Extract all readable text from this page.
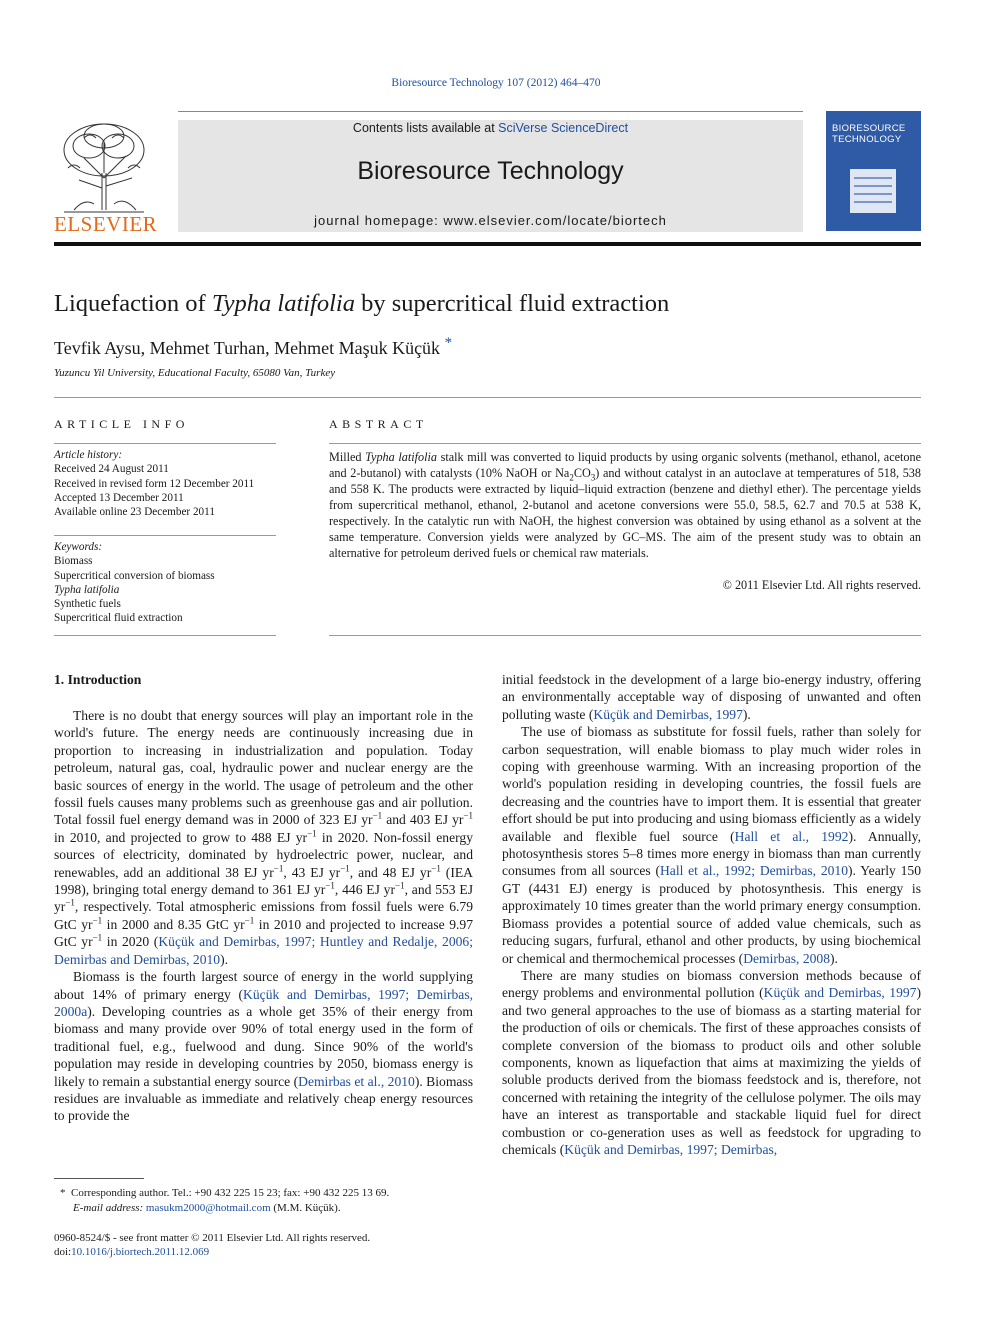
Bioresource Technology 107 (2012) 464–470
ELSEVIER
Contents lists available at SciVerse ScienceDirect
Bioresource Technology
journal homepage: www.elsevier.com/locate/biortech
BIORESOURCE TECHNOLOGY
Liquefaction of Typha latifolia by supercritical fluid extraction
Tevfik Aysu, Mehmet Turhan, Mehmet Maşuk Küçük *
Yuzuncu Yil University, Educational Faculty, 65080 Van, Turkey
ARTICLE INFO
Article history:
Received 24 August 2011
Received in revised form 12 December 2011
Accepted 13 December 2011
Available online 23 December 2011
Keywords:
Biomass
Supercritical conversion of biomass
Typha latifolia
Synthetic fuels
Supercritical fluid extraction
ABSTRACT
Milled Typha latifolia stalk mill was converted to liquid products by using organic solvents (methanol, ethanol, acetone and 2-butanol) with catalysts (10% NaOH or $Na_2CO_3$) and without catalyst in an autoclave at temperatures of 518, 538 and 558 K. The products were extracted by liquid–liquid extraction (benzene and diethyl ether). The percentage yields from supercritical methanol, ethanol, 2-butanol and acetone conversions were 55.0, 58.5, 62.7 and 70.5 at 538 K, respectively. In the catalytic run with NaOH, the highest conversion was obtained by using ethanol as a solvent at the same temperature. Conversion yields were analyzed by GC–MS. The aim of the present study was to obtain an alternative for petroleum derived fuels or chemical raw materials.
© 2011 Elsevier Ltd. All rights reserved.
1. Introduction

There is no doubt that energy sources will play an important role in the world's future. The energy needs are continuously increasing due in proportion to increasing in industrialization and population. Today petroleum, natural gas, coal, hydraulic power and nuclear energy are the basic sources of energy in the world. The usage of petroleum and the other fossil fuels causes many problems such as greenhouse gas and air pollution. Total fossil fuel energy demand was in 2000 of 323 EJ $yr^{-1}$ and 403 EJ $yr^{-1}$ in 2010, and projected to grow to 488 EJ $yr^{-1}$ in 2020. Non-fossil energy sources of electricity, dominated by hydroelectric power, nuclear, and renewables, add an additional 38 EJ $yr^{-1}$, 43 EJ $yr^{-1}$, and 48 EJ $yr^{-1}$ (IEA 1998), bringing total energy demand to 361 EJ $yr^{-1}$, 446 EJ $yr^{-1}$, and 553 EJ $yr^{-1}$, respectively. Total atmospheric emissions from fossil fuels were 6.79 GtC $yr^{-1}$ in 2000 and 8.35 GtC $yr^{-1}$ in 2010 and projected to increase 9.97 GtC $yr^{-1}$ in 2020 (Küçük and Demirbas, 1997; Huntley and Redalje, 2006; Demirbas and Demirbas, 2010).

Biomass is the fourth largest source of energy in the world supplying about 14% of primary energy (Küçük and Demirbas, 1997; Demirbas, 2000a). Developing countries as a whole get 35% of their energy from biomass and many provide over 90% of total energy used in the form of traditional fuel, e.g., fuelwood and dung. Since 90% of the world's population may reside in developing countries by 2050, biomass energy is likely to remain a substantial energy source (Demirbas et al., 2010). Biomass residues are invaluable as immediate and relatively cheap energy resources to provide the

initial feedstock in the development of a large bio-energy industry, offering an environmentally acceptable way of disposing of unwanted and often polluting waste (Küçük and Demirbas, 1997).

The use of biomass as substitute for fossil fuels, rather than solely for carbon sequestration, will enable biomass to play much wider roles in coping with greenhouse warming. With an increasing proportion of the world's population residing in developing countries, the fossil fuels are decreasing and the countries have to import them. It is essential that greater effort should be put into producing and using biomass efficiently as a widely available and flexible fuel source (Hall et al., 1992). Annually, photosynthesis stores 5–8 times more energy in biomass than man currently consumes from all sources (Hall et al., 1992; Demirbas, 2010). Yearly 150 GT (4431 EJ) energy is produced by photosynthesis. This energy is approximately 10 times greater than the world primary energy consumption. Biomass provides a potential source of added value chemicals, such as reducing sugars, furfural, ethanol and other products, by using biochemical or chemical and thermochemical processes (Demirbas, 2008).

There are many studies on biomass conversion methods because of energy problems and environmental pollution (Küçük and Demirbas, 1997) and two general approaches to the use of biomass as a starting material for the production of oils or chemicals. The first of these approaches consists of complete conversion of the biomass to product oils and other soluble components, known as liquefaction that aims at maximizing the yields of soluble products derived from the biomass feedstock and is, therefore, not concerned with retaining the integrity of the cellulose polymer. The oils may have an interest as transportable and stackable liquid fuel for direct combustion or co-generation uses as well as feedstock for upgrading to chemicals (Küçük and Demirbas, 1997; Demirbas,

* Corresponding author. Tel.: +90 432 225 15 23; fax: +90 432 225 13 69.
E-mail address: masukm2000@hotmail.com (M.M. Küçük).
0960-8524/$ - see front matter © 2011 Elsevier Ltd. All rights reserved.
doi:10.1016/j.biortech.2011.12.069
